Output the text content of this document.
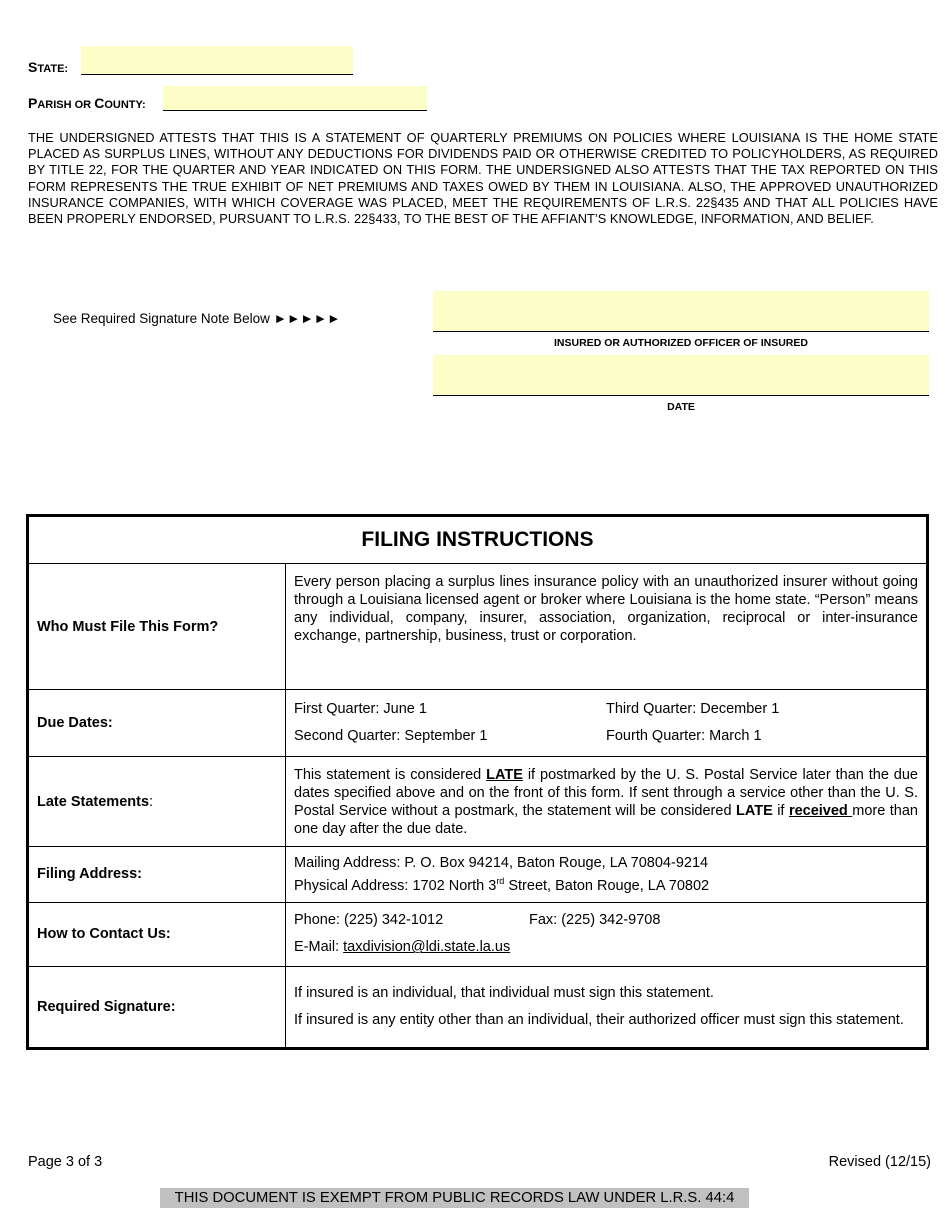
STATE:
PARISH OR COUNTY:
THE UNDERSIGNED ATTESTS THAT THIS IS A STATEMENT OF QUARTERLY PREMIUMS ON POLICIES WHERE LOUISIANA IS THE HOME STATE PLACED AS SURPLUS LINES, WITHOUT ANY DEDUCTIONS FOR DIVIDENDS PAID OR OTHERWISE CREDITED TO POLICYHOLDERS, AS REQUIRED BY TITLE 22, FOR THE QUARTER AND YEAR INDICATED ON THIS FORM. THE UNDERSIGNED ALSO ATTESTS THAT THE TAX REPORTED ON THIS FORM REPRESENTS THE TRUE EXHIBIT OF NET PREMIUMS AND TAXES OWED BY THEM IN LOUISIANA. ALSO, THE APPROVED UNAUTHORIZED INSURANCE COMPANIES, WITH WHICH COVERAGE WAS PLACED, MEET THE REQUIREMENTS OF L.R.S. 22§435 AND THAT ALL POLICIES HAVE BEEN PROPERLY ENDORSED, PURSUANT TO L.R.S. 22§433, TO THE BEST OF THE AFFIANT’S KNOWLEDGE, INFORMATION, AND BELIEF.
See Required Signature Note Below ►►►►►
INSURED OR AUTHORIZED OFFICER OF INSURED
DATE
FILING INSTRUCTIONS	
Who Must File This Form?	Every person placing a surplus lines insurance policy with an unauthorized insurer without going through a Louisiana licensed agent or broker where Louisiana is the home state. “Person” means any individual, company, insurer, association, organization, reciprocal or inter-insurance exchange, partnership, business, trust or corporation.
Due Dates:	First Quarter: June 1 Third Quarter: December 1
Second Quarter: September 1 Fourth Quarter: March 1

Late Statements:	This statement is considered LATE if postmarked by the U. S. Postal Service later than the due dates specified above and on the front of this form. If sent through a service other than the U. S. Postal Service without a postmark, the statement will be considered LATE if received more than one day after the due date.
Filing Address:	Mailing Address: P. O. Box 94214, Baton Rouge, LA 70804-9214
Physical Address: 1702 North 3rd Street, Baton Rouge, LA 70802

How to Contact Us:	Phone: (225) 342-1012 Fax: (225) 342-9708
E-Mail: taxdivision@ldi.state.la.us

Required Signature:	If insured is an individual, that individual must sign this statement.
If insured is any entity other than an individual, their authorized officer must sign this statement.
Page 3 of 3	Revised (12/15)
THIS DOCUMENT IS EXEMPT FROM PUBLIC RECORDS LAW UNDER L.R.S. 44:4
